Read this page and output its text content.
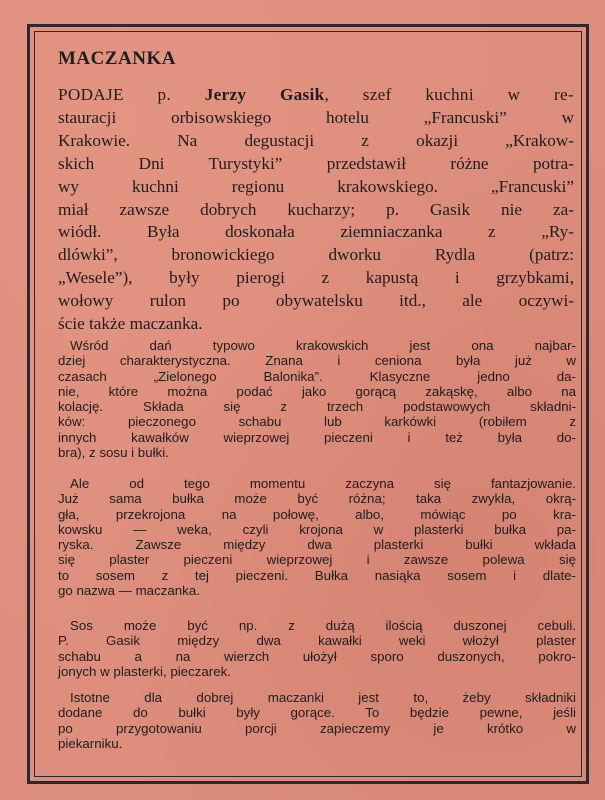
MACZANKA
PODAJE p. Jerzy Gasik, szef kuchni w re-
stauracji orbisowskiego hotelu „Francuski” w
Krakowie. Na degustacji z okazji „Krakow-
skich Dni Turystyki” przedstawił różne potra-
wy kuchni regionu krakowskiego. „Francuski”
miał zawsze dobrych kucharzy; p. Gasik nie za-
wiódł. Była doskonała ziemniaczanka z „Ry-
dlówki”, bronowickiego dworku Rydla (patrz:
„Wesele”), były pierogi z kapustą i grzybkami,
wołowy rulon po obywatelsku itd., ale oczywi-
ście także maczanka.

Wśród dań typowo krakowskich jest ona najbar-
dziej charakterystyczna. Znana i ceniona była już w
czasach „Zielonego Balonika”. Klasyczne jedno da-
nie, które można podać jako gorącą zakąskę, albo na
kolację. Składa się z trzech podstawowych składni-
ków: pieczonego schabu lub karkówki (robiłem z
innych kawałków wieprzowej pieczeni i też była do-
bra), z sosu i bułki.

Ale od tego momentu zaczyna się fantazjowanie.
Już sama bułka może być różna; taka zwykła, okrą-
gła, przekrojona na połowę, albo, mówiąc po kra-
kowsku — weka, czyli krojona w plasterki bułka pa-
ryska. Zawsze między dwa plasterki bułki wkłada
się plaster pieczeni wieprzowej i zawsze polewa się
to sosem z tej pieczeni. Bułka nasiąka sosem i dlate-
go nazwa — maczanka.

Sos może być np. z dużą ilością duszonej cebuli.
P. Gasik między dwa kawałki weki włożył plaster
schabu a na wierzch ułożył sporo duszonych, pokro-
jonych w plasterki, pieczarek.

Istotne dla dobrej maczanki jest to, żeby składniki
dodane do bułki były gorące. To będzie pewne, jeśli
po przygotowaniu porcji zapieczemy je krótko w
piekarniku.
